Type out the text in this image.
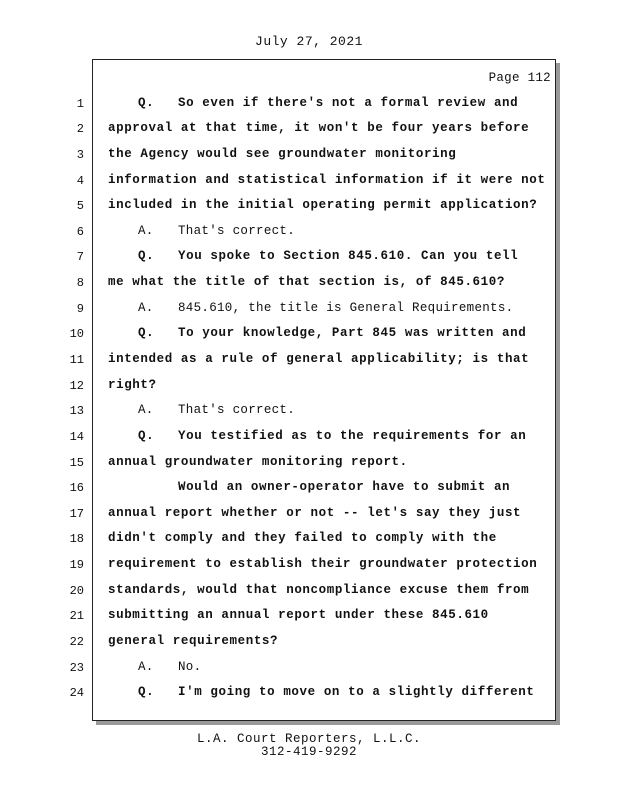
July 27, 2021
Page 112
1	Q. So even if there's not a formal review and
2 approval at that time, it won't be four years before
3 the Agency would see groundwater monitoring
4 information and statistical information if it were not
5 included in the initial operating permit application?
6	A. That's correct.
7	Q. You spoke to Section 845.610. Can you tell
8 me what the title of that section is, of 845.610?
9	A. 845.610, the title is General Requirements.
10	Q. To your knowledge, Part 845 was written and
11 intended as a rule of general applicability; is that
12 right?
13	A. That's correct.
14	Q. You testified as to the requirements for an
15 annual groundwater monitoring report.
16	Would an owner-operator have to submit an
17 annual report whether or not -- let's say they just
18 didn't comply and they failed to comply with the
19 requirement to establish their groundwater protection
20 standards, would that noncompliance excuse them from
21 submitting an annual report under these 845.610
22 general requirements?
23	A. No.
24	Q. I'm going to move on to a slightly different
L.A. Court Reporters, L.L.C.
312-419-9292
